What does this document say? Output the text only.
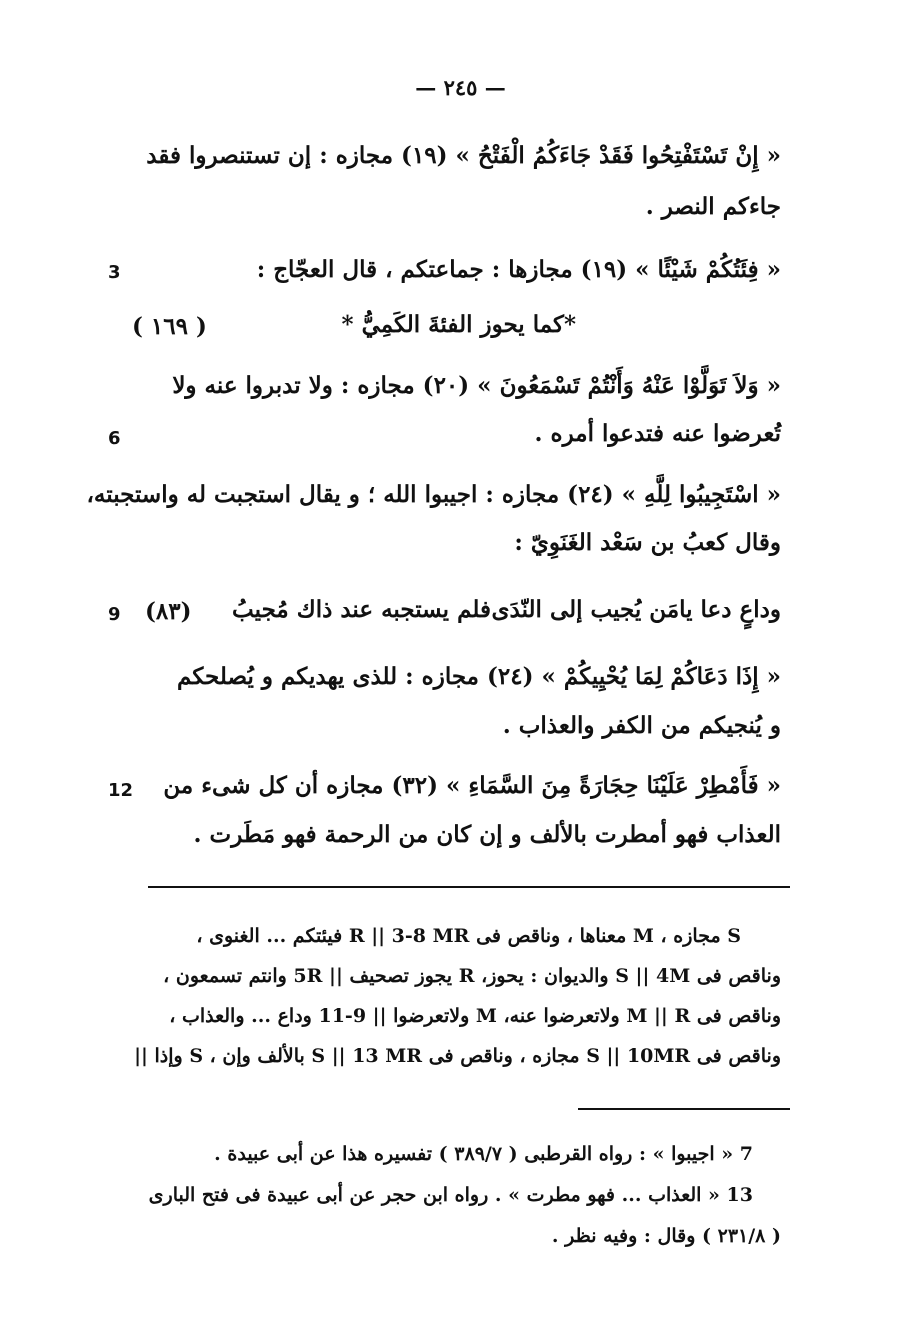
— ٢٤٥ —
« إِنْ تَسْتَفْتِحُوا فَقَدْ جَاءَكُمُ الْفَتْحُ » (١٩) مجازه : إن تستنصروا فقد
جاءكم النصر .
« فِئَتُكُمْ شَيْئًا » (١٩) مجازها : جماعتكم ، قال العجّاج :
3
*كما يحوز الفئةَ الكَمِيُّ *
( ١٦٩ )
« وَلاَ تَوَلَّوْا عَنْهُ وَأَنْتُمْ تَسْمَعُونَ » (٢٠) مجازه : ولا تدبروا عنه ولا
تُعرضوا عنه فتدعوا أمره .
6
« اسْتَجِيبُوا لِلَّهِ » (٢٤) مجازه : اجيبوا الله ؛ و يقال استجبت له واستجبته،
وقال كعبُ بن سَعْد الغَنَوِيّ :
وداعٍ دعا يامَن يُجيب إلى النّدَى
فلم يستجبه عند ذاك مُجيبُ
(٨٣)
9
« إِذَا دَعَاكُمْ لِمَا يُحْيِيكُمْ » (٢٤) مجازه : للذى يهديكم و يُصلحكم
و يُنجيكم من الكفر والعذاب .
« فَأَمْطِرْ عَلَيْنَا حِجَارَةً مِنَ السَّمَاءِ » (٣٢) مجازه أن كل شىء من
12
العذاب فهو أمطرت بالألف و إن كان من الرحمة فهو مَطَرت .
S مجازه ، M معناها ، وناقص فى R || 3-8 MR فيئتكم ... الغنوى ،
وناقص فى S || 4M والديوان : يحوز، R يجوز تصحيف || 5R وانتم تسمعون ،
وناقص فى M || R ولاتعرضوا عنه، M ولاتعرضوا || 9-11 وداع ... والعذاب ،
وناقص فى S || 10MR مجازه ، وناقص فى S || 13 MR بالألف وإن ، S وإذا ||
7 « اجيبوا » : رواه القرطبى ( ٣٨٩/٧ ) تفسيره هذا عن أبى عبيدة .
13 « العذاب ... فهو مطرت » . رواه ابن حجر عن أبى عبيدة فى فتح البارى
( ٢٣١/٨ ) وقال : وفيه نظر .
